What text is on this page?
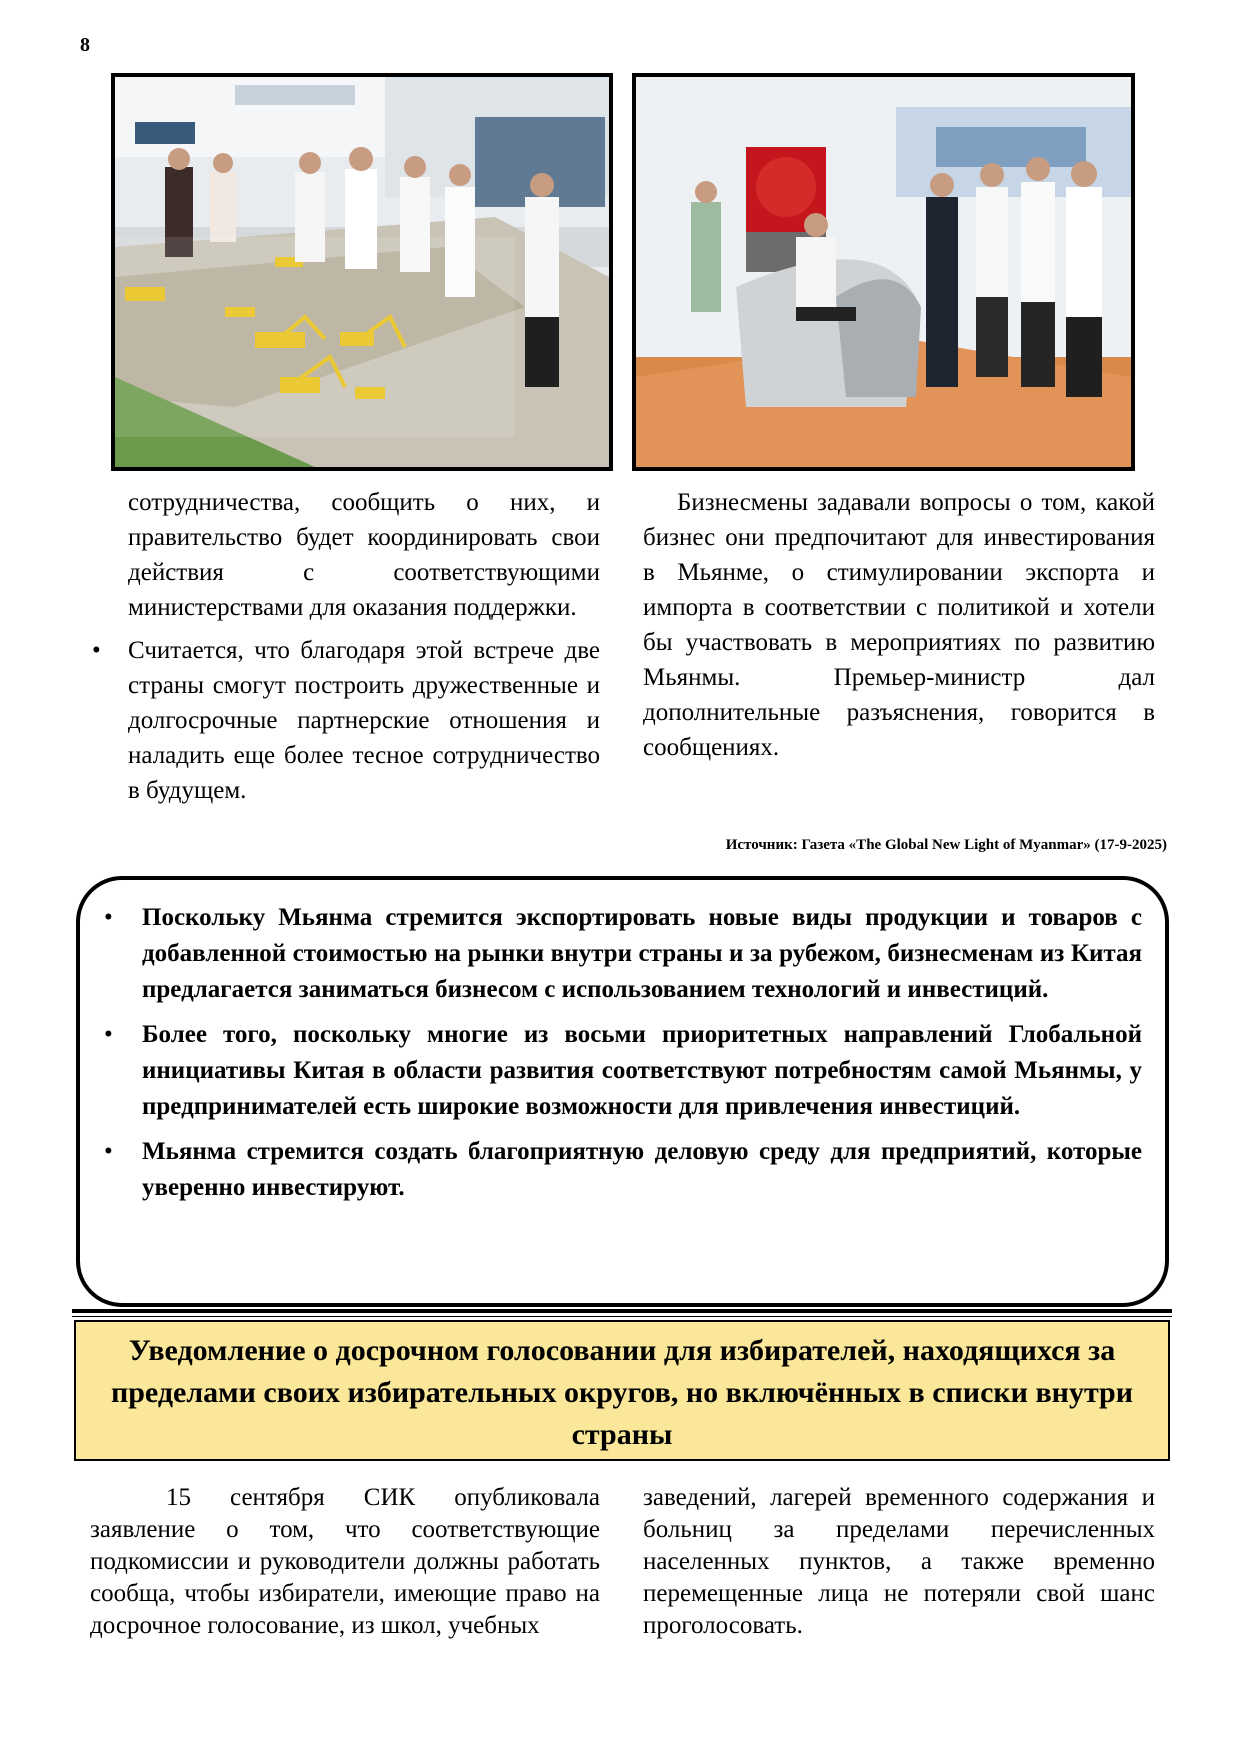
8

сотрудничества, сообщить о них, и правительство будет координировать свои действия с соответствующими министерствами для оказания поддержки.

• Считается, что благодаря этой встрече две страны смогут построить дружественные и долгосрочные партнерские отношения и наладить еще более тесное сотрудничество в будущем.

Бизнесмены задавали вопросы о том, какой бизнес они предпочитают для инвестирования в Мьянме, о стимулировании экспорта и импорта в соответствии с политикой и хотели бы участвовать в мероприятиях по развитию Мьянмы. Премьер-министр дал дополнительные разъяснения, говорится в сообщениях.

Источник: Газета «The Global New Light of Myanmar» (17-9-2025)
• Поскольку Мьянма стремится экспортировать новые виды продукции и товаров с добавленной стоимостью на рынки внутри страны и за рубежом, бизнесменам из Китая предлагается заниматься бизнесом с использованием технологий и инвестиций.
• Более того, поскольку многие из восьми приоритетных направлений Глобальной инициативы Китая в области развития соответствуют потребностям самой Мьянмы, у предпринимателей есть широкие возможности для привлечения инвестиций.
• Мьянма стремится создать благоприятную деловую среду для предприятий, которые уверенно инвестируют.
Уведомление о досрочном голосовании для избирателей, находящихся за пределами своих избирательных округов, но включённых в списки внутри страны

15 сентября СИК опубликовала заявление о том, что соответствующие подкомиссии и руководители должны работать сообща, чтобы избиратели, имеющие право на досрочное голосование, из школ, учебных

заведений, лагерей временного содержания и больниц за пределами перечисленных населенных пунктов, а также временно перемещенные лица не потеряли свой шанс проголосовать.
